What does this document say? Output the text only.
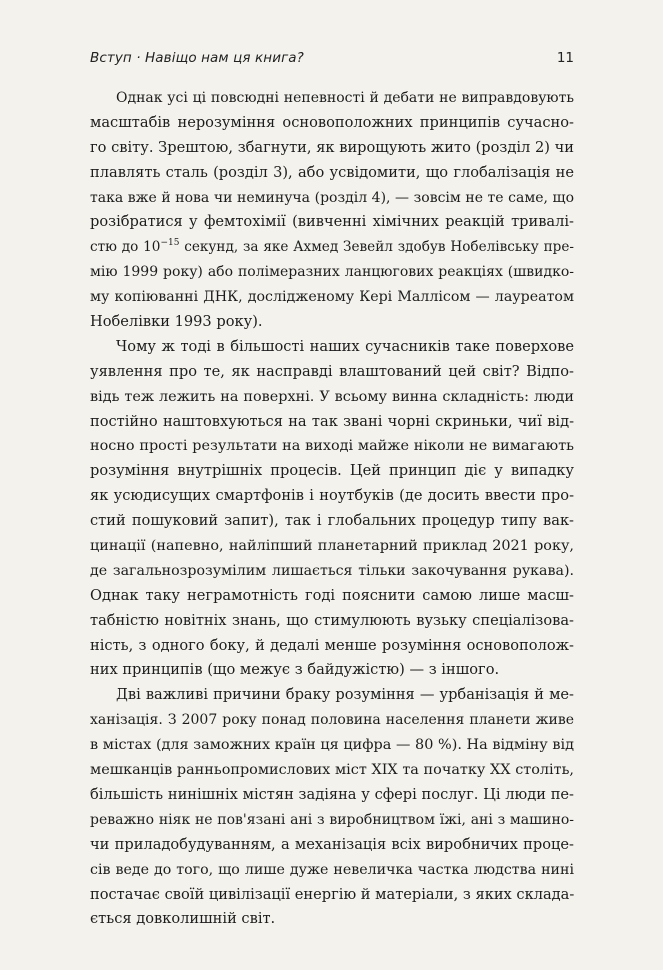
Вступ · Навіщо нам ця книга?	11
Однак усі ці повсюдні непевності й дебати не виправдовують
масштабів нерозуміння основоположних принципів сучасно-
го світу. Зрештою, збагнути, як вирощують жито (розділ 2) чи
плавлять сталь (розділ 3), або усвідомити, що глобалізація не
така вже й нова чи неминуча (розділ 4), — зовсім не те саме, що
розібратися у фемтохімії (вивченні хімічних реакцій тривалі-
стю до $10^{-15}$ секунд, за яке Ахмед Зевейл здобув Нобелівську пре-
мію 1999 року) або полімеразних ланцюгових реакціях (швидко-
му копіюванні ДНК, дослідженому Кері Маллісом — лауреатом
Нобелівки 1993 року).
Чому ж тоді в більшості наших сучасників таке поверхове
уявлення про те, як насправді влаштований цей світ? Відпо-
відь теж лежить на поверхні. У всьому винна складність: люди
постійно наштовхуються на так звані чорні скриньки, чиї від-
носно прості результати на виході майже ніколи не вимагають
розуміння внутрішніх процесів. Цей принцип діє у випадку
як усюдисущих смартфонів і ноутбуків (де досить ввести про-
стий пошуковий запит), так і глобальних процедур типу вак-
цинації (напевно, найліпший планетарний приклад 2021 року,
де загальнозрозумілим лишається тільки закочування рукава).
Однак таку неграмотність годі пояснити самою лише масш-
табністю новітніх знань, що стимулюють вузьку спеціалізова-
ність, з одного боку, й дедалі менше розуміння основополож-
них принципів (що межує з байдужістю) — з іншого.
Дві важливі причини браку розуміння — урбанізація й ме-
ханізація. З 2007 року понад половина населення планети живе
в містах (для заможних країн ця цифра — 80 %). На відміну від
мешканців ранньопромислових міст XIX та початку XX століть,
більшість нинішніх містян задіяна у сфері послуг. Ці люди пе-
реважно ніяк не пов'язані ані з виробництвом їжі, ані з машино-
чи приладобудуванням, а механізація всіх виробничих проце-
сів веде до того, що лише дуже невеличка частка людства нині
постачає своїй цивілізації енергію й матеріали, з яких склада-
ється довколишній світ.
